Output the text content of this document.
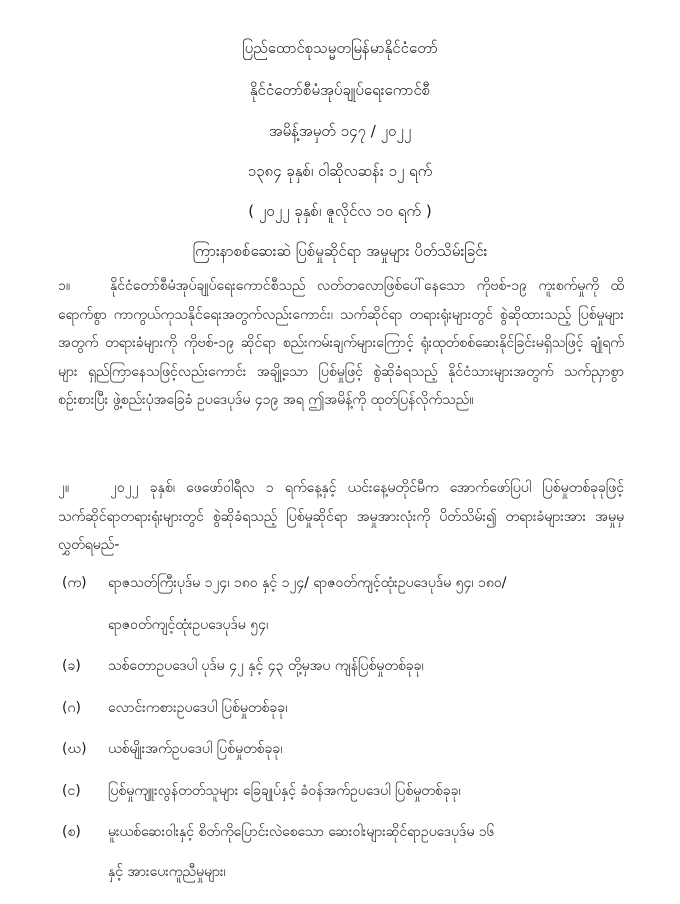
ပြည်ထောင်စုသမ္မတမြန်မာနိုင်ငံတော်
နိုင်ငံတော်စီမံအုပ်ချုပ်ရေးကောင်စီ
အမိန့်အမှတ် ၁၄၇ / ၂၀၂၂
၁၃၈၄ ခုနှစ်၊ ဝါဆိုလဆန်း ၁၂ ရက်
( ၂၀၂၂ ခုနှစ်၊ ဇူလိုင်လ ၁၀ ရက် )
ကြားနာစစ်ဆေးဆဲ ပြစ်မှုဆိုင်ရာ အမှုများ ပိတ်သိမ်းခြင်း
၁။	နိုင်ငံတော်စီမံအုပ်ချုပ်ရေးကောင်စီသည် လတ်တလောဖြစ်ပေါ်နေသော ကိုဗစ်-၁၉ ကူးစက်မှုကို ထိရောက်စွာ ကာကွယ်ကုသနိုင်ရေးအတွက်လည်းကောင်း၊ သက်ဆိုင်ရာ တရားရုံးများတွင် စွဲဆိုထားသည့် ပြစ်မှုများအတွက် တရားခံများကို ကိုဗစ်-၁၉ ဆိုင်ရာ စည်းကမ်းချက်များကြောင့် ရုံးထုတ်စစ်ဆေးနိုင်ခြင်းမရှိသဖြင့် ချုံရက်များ ရှည်ကြာနေသဖြင့်လည်းကောင်း အချို့သော ပြစ်မှုဖြင့် စွဲဆိုခံရသည့် နိုင်ငံသားများအတွက် သက်ညှာစွာ စဉ်းစားပြီး ဖွဲ့စည်းပုံအခြေခံ ဥပဒေပုဒ်မ ၄၁၉ အရ ဤအမိန့်ကို ထုတ်ပြန်လိုက်သည်။
၂။	၂၀၂၂ ခုနှစ်၊ ဖေဖော်ဝါရီလ ၁ ရက်နေ့နှင့် ယင်းနေ့မတိုင်မီက အောက်ဖော်ပြပါ ပြစ်မှုတစ်ခုခုဖြင့် သက်ဆိုင်ရာတရားရုံးများတွင် စွဲဆိုခံရသည့် ပြစ်မှုဆိုင်ရာ အမှုအားလုံးကို ပိတ်သိမ်း၍ တရားခံများအား အမှုမှ လွှတ်ရမည်-
(က) ရာဇသတ်ကြီးပုဒ်မ ၁၂၄၊ ၁၈၀ နှင့် ၁၂၄/ ရာဇဝတ်ကျင့်ထုံးဥပဒေပုဒ်မ ၅၄၊ ၁၈၀/
ရာဇဝတ်ကျင့်ထုံးဥပဒေပုဒ်မ ၅၄၊
(ခ) သစ်တောဥပဒေပါ ပုဒ်မ ၄၂ နှင့် ၄၃ တို့မှအပ ကျန်ပြစ်မှုတစ်ခုခု၊
(ဂ) လောင်းကစားဥပဒေပါ ပြစ်မှုတစ်ခုခု၊
(ဃ) ယစ်မျိုးအက်ဥပဒေပါ ပြစ်မှုတစ်ခုခု၊
(င) ပြစ်မှုကျူးလွန်တတ်သူများ ခြေချုပ်နှင့် ခံဝန်အက်ဥပဒေပါ ပြစ်မှုတစ်ခုခု၊
(စ) မူးယစ်ဆေးဝါးနှင့် စိတ်ကိုပြောင်းလဲစေသော ဆေးဝါးများဆိုင်ရာဥပဒေပုဒ်မ ၁၆
နှင့် အားပေးကူညီမှုများ၊
